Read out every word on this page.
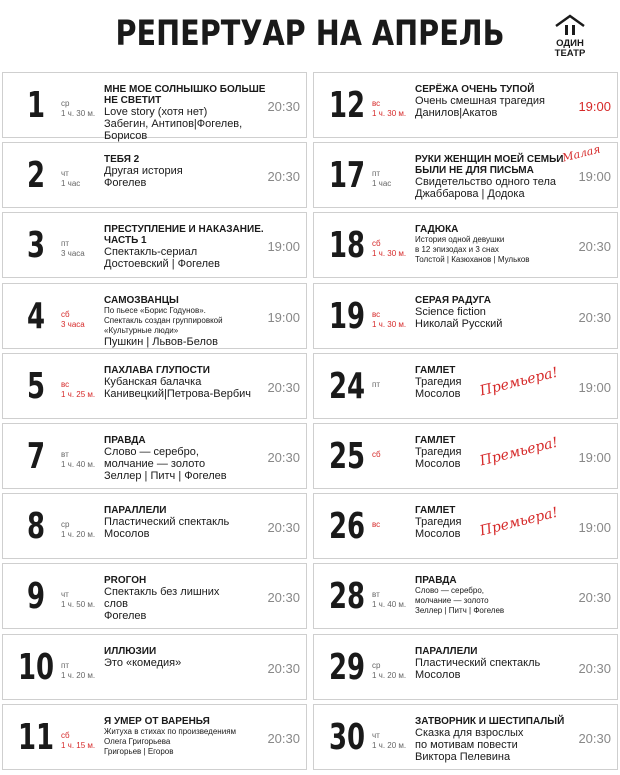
РЕПЕРТУАР НА АПРЕЛЬ	ОДИН
ТЕАТР
1	ср
1 ч. 30 м.
МНЕ МОЕ СОЛНЫШКО БОЛЬШЕ НЕ СВЕТИТ
Love story (хотя нет)
Забегин, Антипов|Фогелев, Борисов
20:30
2	чт
1 час
ТЕБЯ 2
Другая история
Фогелев	20:30
3	пт
3 часа
ПРЕСТУПЛЕНИЕ И НАКАЗАНИЕ. ЧАСТЬ 1
Спектакль-сериал
Достоевский | Фогелев
19:00
4	сб
3 часа
САМОЗВАНЦЫ
По пьесе «Борис Годунов».
Спектакль создан группировкой
«Культурные люди»
Пушкин | Львов-Белов
19:00
5	вс
1 ч. 25 м.
ПАХЛАВА ГЛУПОСТИ
Кубанская балачка
Канивецкий|Петрова-Вербич	20:30
7	вт
1 ч. 40 м.
ПРАВДА
Слово — серебро,
молчание — золото
Зеллер | Питч | Фогелев
20:30
8	ср
1 ч. 20 м.
ПАРАЛЛЕЛИ
Пластический спектакль
Мосолов	20:30
9	чт
1 ч. 50 м.
PROГОН
Спектакль без лишних
слов
Фогелев
20:30
10 пт
1 ч. 20 м.
ИЛЛЮЗИИ
Это «комедия»	20:30
11 сб
1 ч. 15 м.
Я УМЕР ОТ ВАРЕНЬЯ
Житуха в стихах по произведениям
Олега Григорьева
Григорьев | Егоров
20:30
12 вс
1 ч. 30 м.
СЕРЁЖА ОЧЕНЬ ТУПОЙ
Очень смешная трагедия
Данилов|Акатов	19:00
17 пт
1 час
РУКИ ЖЕНЩИН МОЕЙ СЕМЬИ БЫЛИ НЕ ДЛЯ ПИСЬМА
Свидетельство одного тела
Джаббарова | Додока
19:00
Малая
18 сб
1 ч. 30 м.
ГАДЮКА
История одной девушки
в 12 эпизодах и 3 снах
Толстой | Казюханов | Мульков
20:30
19 вс
1 ч. 30 м.
СЕРАЯ РАДУГА
Science fiction
Николай Русский	20:30
24 пт
ГАМЛЕТ
Трагедия
Мосолов	19:00
Премьера!
25 сб
ГАМЛЕТ
Трагедия
Мосолов	19:00
Премьера!
26 вс
ГАМЛЕТ
Трагедия
Мосолов	19:00
Премьера!
28 вт
1 ч. 40 м.
ПРАВДА
Слово — серебро,
молчание — золото
Зеллер | Питч | Фогелев
20:30
29 ср
1 ч. 20 м.
ПАРАЛЛЕЛИ
Пластический спектакль
Мосолов	20:30
30 чт
1 ч. 20 м.
ЗАТВОРНИК И ШЕСТИПАЛЫЙ
Сказка для взрослых
по мотивам повести
Виктора Пелевина
20:30
